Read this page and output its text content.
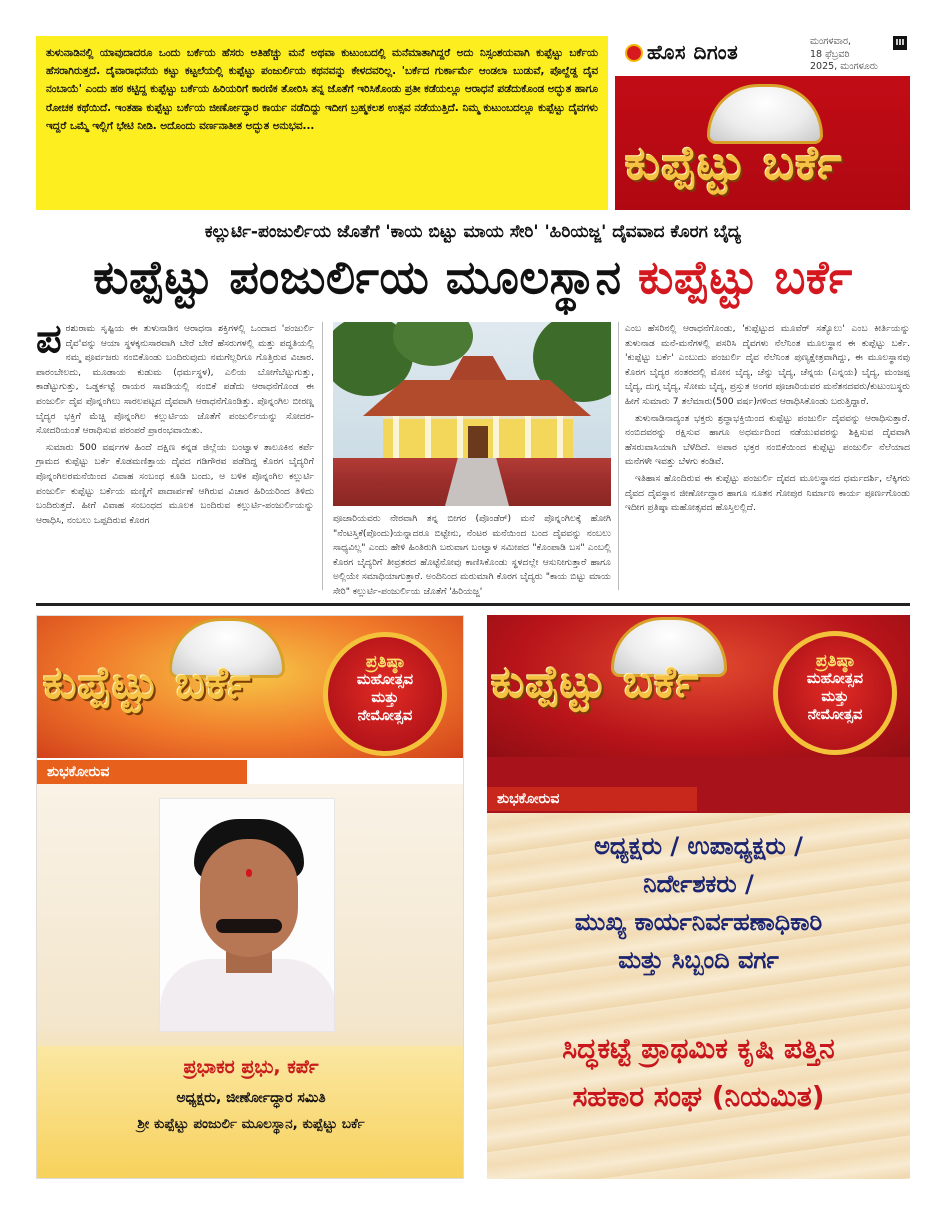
ತುಳುನಾಡಿನಲ್ಲಿ ಯಾವುದಾದರೂ ಒಂದು ಬರ್ಕೆಯ ಹೆಸರು ಅತಿಹೆಚ್ಚು ಮನೆ ಅಥವಾ ಕುಟುಂಬದಲ್ಲಿ ಮನೆಮಾತಾಗಿದ್ದರೆ ಅದು ನಿಸ್ಸಂಶಯವಾಗಿ ಕುಪ್ಪೆಟ್ಟು ಬರ್ಕೆಯ ಹೆಸರಾಗಿರುತ್ತದೆ. ದೈವಾರಾಧನೆಯ ಕಟ್ಟು ಕಟ್ಟಲೆಯಲ್ಲಿ ಕುಪ್ಪೆಟ್ಟು ಪಂಜುರ್ಲಿಯ ಕಥನವನ್ನು ಕೇಳದವರಿಲ್ಲ. 'ಬರ್ಕೆದ ಗುರ್ಕಾರ್ಮೆ ಆಂಡಲಾ ಬುಡುವೆ, ಪೊಲ್ದೆಡ್ದ ದೈವ ನಂಬಾಯೆ' ಎಂದು ಹಠ ಕಟ್ಟಿದ್ದ ಕುಪ್ಪೆಟ್ಟು ಬರ್ಕೆಯ ಹಿರಿಯರಿಗೆ ಕಾರಣಿಕ ತೋರಿಸಿ ತನ್ನ ಜೊತೆಗೆ ಇರಿಸಿಕೊಂಡು ಪ್ರತೀ ಕಡೆಯಲ್ಲೂ ಆರಾಧನೆ ಪಡೆದುಕೊಂಡ ಅದ್ಭುತ ಹಾಗೂ ರೋಚಕ ಕಥೆಯಿದೆ. ಇಂತಹಾ ಕುಪ್ಪೆಟ್ಟು ಬರ್ಕೆಯ ಜೀರ್ಣೋದ್ಧಾರ ಕಾರ್ಯ ನಡೆದಿದ್ದು ಇದೀಗ ಬ್ರಹ್ಮಕಲಶ ಉತ್ಸವ ನಡೆಯುತ್ತಿದೆ. ನಿಮ್ಮ ಕುಟುಂಬದಲ್ಲೂ ಕುಪ್ಪೆಟ್ಟು ದೈವಗಳು ಇದ್ದರೆ ಒಮ್ಮೆ ಇಲ್ಲಿಗೆ ಭೇಟಿ ನೀಡಿ. ಅದೊಂದು ವರ್ಣನಾತೀತ ಅದ್ಭುತ ಅನುಭವ...
ಹೊಸ ದಿಗಂತ	ಮಂಗಳವಾರ,
18 ಫೆಬ್ರವರಿ
2025, ಮಂಗಳೂರು
III
ಕುಪ್ಪೆಟ್ಟು ಬರ್ಕೆ
ಕಲ್ಲುರ್ಟಿ-ಪಂಜುರ್ಲಿಯ ಜೊತೆಗೆ 'ಕಾಯ ಬಿಟ್ಟು ಮಾಯ ಸೇರಿ' 'ಹಿರಿಯಜ್ಜ' ದೈವವಾದ ಕೊರಗ ಬೈದ್ಯ
ಕುಪ್ಪೆಟ್ಟು ಪಂಜುರ್ಲಿಯ ಮೂಲಸ್ಥಾನ ಕುಪ್ಪೆಟ್ಟು ಬರ್ಕೆ

ಪರಶುರಾಮ ಸೃಷ್ಟಿಯ ಈ ತುಳುನಾಡಿನ ಆರಾಧನಾ ಶಕ್ತಿಗಳಲ್ಲಿ ಒಂದಾದ 'ಪಂಜುರ್ಲಿ ದೈವ'ವನ್ನು ಆಯಾ ಸ್ಥಳಕ್ಕನುಸಾರವಾಗಿ ಬೇರೆ ಬೇರೆ ಹೆಸರುಗಳಲ್ಲಿ ಮತ್ತು ಪದ್ಧತಿಯಲ್ಲಿ ನಮ್ಮ ಪೂರ್ವಜರು ನಂಬಿಕೊಂಡು ಬಂದಿರುವುದು ನಮಗೆಲ್ಲರಿಗೂ ಗೊತ್ತಿರುವ ವಿಚಾರ. ಪಾರಂಬೇಲದು, ಮೂಡಾಯ ಕುಡುಮ (ಧರ್ಮಸ್ಥಳ), ಎಲಿಯ ಬೋಗೆಬೆಟ್ಟುಗುತ್ತು, ಕಾಡೆಟ್ಟುಗುತ್ತು, ಒಡ್ಡರ್ಕಟ್ಟೆ ರಾಯರ ಸಾವಡಿಯಲ್ಲಿ ನಂಬಿಕೆ ಪಡೆದು ಆರಾಧನೆಗೊಂಡ ಈ ಪಂಜುರ್ಲಿ ದೈವ ಪೊನ್ನಂಗಿಲು ಸಾರಲಪಟ್ಟದ ದೈವವಾಗಿ ಆರಾಧನೆಗೊಂಡಿತ್ತು. ಪೊನ್ನಂಗಿಲ ಬೀರಣ್ಣ ಬೈದ್ಯರ ಭಕ್ತಿಗೆ ಮೆಚ್ಚಿ ಪೊನ್ನಂಗಿಲ ಕಲ್ಲುರ್ಟಿಯ ಜೊತೆಗೆ ಪಂಜುರ್ಲಿಯನ್ನು ಸೋದರ-ಸೋದರಿಯಂತೆ ಆರಾಧಿಸುವ ಪರಂಪರೆ ಪ್ರಾರಂಭವಾಯಿತು.

ಸುಮಾರು 500 ವರ್ಷಗಳ ಹಿಂದೆ ದಕ್ಷಿಣ ಕನ್ನಡ ಜಿಲ್ಲೆಯ ಬಂಟ್ವಾಳ ತಾಲೂಕಿನ ಕರ್ಪೆ ಗ್ರಾಮದ ಕುಪ್ಪೆಟ್ಟು ಬರ್ಕೆ ಕೊಡಮಣಿತ್ತಾಯ ದೈವದ ಗಡಿಗೌರವ ಪಡೆದಿದ್ದ ಕೊರಗ ಬೈದ್ಯರಿಗೆ ಪೊನ್ನಂಗಿಲರಮನೆಯಿಂದ ವಿವಾಹ ಸಂಬಂಧ ಕೂಡಿ ಬಂದು, ಆ ಬಳಿಕ ಪೊನ್ನಂಗಿಲ ಕಲ್ಲುರ್ಟಿ ಪಂಜುರ್ಲಿ ಕುಪ್ಪೆಟ್ಟು ಬರ್ಕೆಯ ಮಣ್ಣಿಗೆ ಪಾದಾರ್ಪಣೆ ಆಗಿರುವ ವಿಚಾರ ಹಿರಿಯರಿಂದ ತಿಳಿದು ಬಂದಿರುತ್ತದೆ. ಹೀಗೆ ವಿವಾಹ ಸಂಬಂಧದ ಮೂಲಕ ಬಂದಿರುವ ಕಲ್ಲುರ್ಟಿ-ಪಂಜುರ್ಲಿಯನ್ನು ಆರಾಧಿಸಿ, ನಂಬಲು ಒಪ್ಪದಿರುವ ಕೊರಗ	ಪೂಜಾರಿಯವರು ನೇರವಾಗಿ ತನ್ನ ಬೀಗರ (ಪೊಂಡೆರ್) ಮನೆ ಪೊನ್ನಂಗಿಲಕ್ಕೆ ಹೋಗಿ "ನೆಂಟಸ್ತಿಕೆ(ಪೊಂದು)ಯನ್ನಾದರೂ ಬಿಟ್ಟೇನು, ನೆಂಟರ ಮನೆಯಿಂದ ಬಂದ ದೈವವನ್ನು ನಂಬಲು ಸಾಧ್ಯವಿಲ್ಲ" ಎಂದು ಹೇಳಿ ಹಿಂತಿರುಗಿ ಬರುವಾಗ ಬಂಟ್ವಾಳ ಸಮೀಪದ "ಕೊಂಪಾಡಿ ಬಸ" ಎಂಬಲ್ಲಿ ಕೊರಗ ಬೈದ್ಯರಿಗೆ ತೀವ್ರತರದ ಹೊಟ್ಟೆನೋವು ಕಾಣಿಸಿಕೊಂಡು ಸ್ಥಳದಲ್ಲೇ ಆಸುನೀಗುತ್ತಾರೆ ಹಾಗೂ ಅಲ್ಲಿಯೇ ಸಮಾಧಿಯಾಗುತ್ತಾರೆ. ಅಂದಿನಿಂದ ಮರುಮಾಗಿ ಕೊರಗ ಬೈದ್ಯರು "ಕಾಯ ಬಿಟ್ಟು ಮಾಯ ಸೇರಿ" ಕಲ್ಲುರ್ಟಿ-ಪಂಜುರ್ಲಿಯ ಜೊತೆಗೆ 'ಹಿರಿಯಜ್ಜ'

ಎಂಬ ಹೆಸರಿನಲ್ಲಿ ಆರಾಧನೆಗೊಂಡು, 'ಕುಪ್ಪೆಟ್ಟುದ ಮೂವೆರ್ ಸತ್ಯೊಲು' ಎಂಬ ಕೀರ್ತಿಯನ್ನು ತುಳುನಾಡ ಮನೆ-ಮನೆಗಳಲ್ಲಿ ಪಸರಿಸಿ ದೈವಗಳು ನೆಲೆನಿಂತ ಮೂಲಸ್ಥಾನ ಈ ಕುಪ್ಪೆಟ್ಟು ಬರ್ಕೆ. 'ಕುಪ್ಪೆಟ್ಟು ಬರ್ಕೆ' ಎಂಬುದು ಪಂಜುರ್ಲಿ ದೈವ ನೆಲೆನಿಂತ ಪುಣ್ಯಕ್ಷೇತ್ರವಾಗಿದ್ದು, ಈ ಮೂಲಸ್ಥಾನವು ಕೊರಗ ಬೈದ್ಯರ ನಂತರದಲ್ಲಿ ಮೋನ ಬೈದ್ಯ, ಚೆನ್ನು ಬೈದ್ಯ, ಚೆನ್ನಯ (ಎನ್ನಯ) ಬೈದ್ಯ, ಮಂಜಪ್ಪ ಬೈದ್ಯ, ದುಗ್ಗ ಬೈದ್ಯ, ಸೋಮ ಬೈದ್ಯ, ಪ್ರಸ್ತುತ ಅಂಗರ ಪೂಜಾರಿಯವರ ಮನೆತನದವರು/ಕುಟುಂಬಸ್ಥರು ಹೀಗೆ ಸುಮಾರು 7 ತಲೆಮಾರು(500 ವರ್ಷ)ಗಳಿಂದ ಆರಾಧಿಸಿಕೊಂಡು ಬರುತ್ತಿದ್ದಾರೆ.

ತುಳುನಾಡಿನಾದ್ಯಂತ ಭಕ್ತರು ಶ್ರದ್ಧಾಭಕ್ತಿಯಿಂದ ಕುಪ್ಪೆಟ್ಟು ಪಂಜುರ್ಲಿ ದೈವವನ್ನು ಆರಾಧಿಸುತ್ತಾರೆ. ನಂಬಿದವರನ್ನು ರಕ್ಷಿಸುವ ಹಾಗೂ ಅಧರ್ಮದಿಂದ ನಡೆಯುವವರನ್ನು ಶಿಕ್ಷಿಸುವ ದೈವವಾಗಿ ಹೆಸರುವಾಸಿಯಾಗಿ ಬೆಳೆದಿದೆ. ಅಪಾರ ಭಕ್ತರ ನಂಬಿಕೆಯಿಂದ ಕುಪ್ಪೆಟ್ಟು ಪಂಜುರ್ಲಿ ನೆಲೆಯಾದ ಮನೆಗಳೇ ಇವತ್ತು ಬೆಳಗು ಕಂಡಿವೆ.

ಇತಿಹಾಸ ಹೊಂದಿರುವ ಈ ಕುಪ್ಪೆಟ್ಟು ಪಂಜುರ್ಲಿ ದೈವದ ಮೂಲಸ್ಥಾನದ ಧರ್ಮದರ್ಶಿ, ಲೆಕ್ಕಿಗರು ದೈವದ ದೈವಸ್ಥಾನ ಜೀರ್ಣೋದ್ಧಾರ ಹಾಗೂ ನೂತನ ಗೋಪುರ ನಿರ್ಮಾಣ ಕಾರ್ಯ ಪೂರ್ಣಗೊಂಡು ಇದೀಗ ಪ್ರತಿಷ್ಠಾ ಮಹೋತ್ಸವದ ಹೊಸ್ತಿಲಲ್ಲಿದೆ.

ಕುಪ್ಪೆಟ್ಟು ಬರ್ಕೆ	ಪ್ರತಿಷ್ಠಾ
ಮಹೋತ್ಸವ
ಮತ್ತು
ನೇಮೋತ್ಸವ
ಶುಭಕೋರುವ
ಪ್ರಭಾಕರ ಪ್ರಭು, ಕರ್ಪೆ
ಅಧ್ಯಕ್ಷರು, ಜೀರ್ಣೋದ್ಧಾರ ಸಮಿತಿ
ಶ್ರೀ ಕುಪ್ಪೆಟ್ಟು ಪಂಜುರ್ಲಿ ಮೂಲಸ್ಥಾನ, ಕುಪ್ಪೆಟ್ಟು ಬರ್ಕೆ
ಕುಪ್ಪೆಟ್ಟು ಬರ್ಕೆ	ಪ್ರತಿಷ್ಠಾ
ಮಹೋತ್ಸವ
ಮತ್ತು
ನೇಮೋತ್ಸವ
ಶುಭಕೋರುವ
ಅಧ್ಯಕ್ಷರು / ಉಪಾಧ್ಯಕ್ಷರು /
ನಿರ್ದೇಶಕರು /
ಮುಖ್ಯ ಕಾರ್ಯನಿರ್ವಹಣಾಧಿಕಾರಿ
ಮತ್ತು ಸಿಬ್ಬಂದಿ ವರ್ಗ
ಸಿದ್ಧಕಟ್ಟೆ ಪ್ರಾಥಮಿಕ ಕೃಷಿ ಪತ್ತಿನ
ಸಹಕಾರ ಸಂಘ (ನಿಯಮಿತ)
